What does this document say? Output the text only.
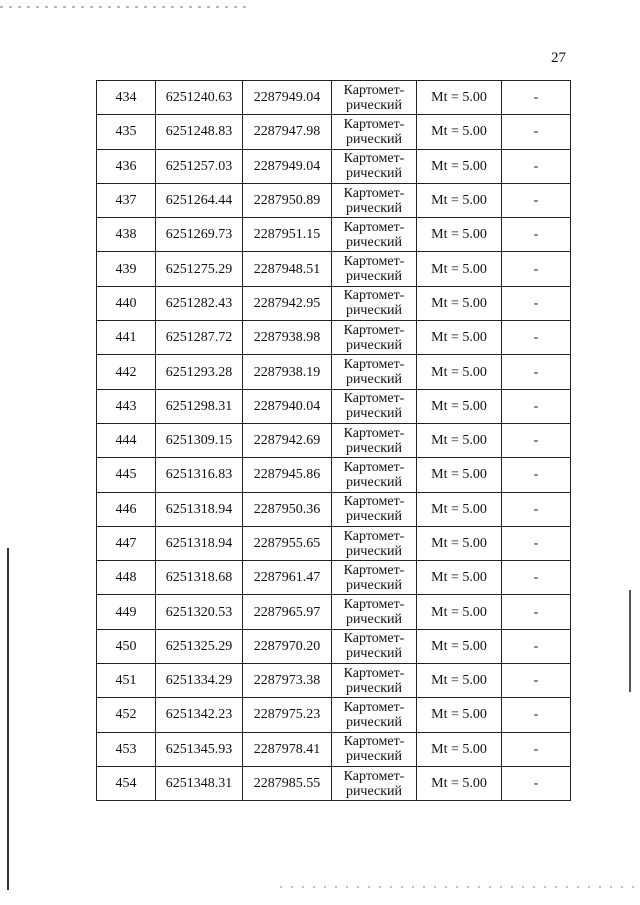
27
434	6251240.63	2287949.04	Картомет-
рический	Mt = 5.00	-
435	6251248.83	2287947.98	Картомет-
рический	Mt = 5.00	-
436	6251257.03	2287949.04	Картомет-
рический	Mt = 5.00	-
437	6251264.44	2287950.89	Картомет-
рический	Mt = 5.00	-
438	6251269.73	2287951.15	Картомет-
рический	Mt = 5.00	-
439	6251275.29	2287948.51	Картомет-
рический	Mt = 5.00	-
440	6251282.43	2287942.95	Картомет-
рический	Mt = 5.00	-
441	6251287.72	2287938.98	Картомет-
рический	Mt = 5.00	-
442	6251293.28	2287938.19	Картомет-
рический	Mt = 5.00	-
443	6251298.31	2287940.04	Картомет-
рический	Mt = 5.00	-
444	6251309.15	2287942.69	Картомет-
рический	Mt = 5.00	-
445	6251316.83	2287945.86	Картомет-
рический	Mt = 5.00	-
446	6251318.94	2287950.36	Картомет-
рический	Mt = 5.00	-
447	6251318.94	2287955.65	Картомет-
рический	Mt = 5.00	-
448	6251318.68	2287961.47	Картомет-
рический	Mt = 5.00	-
449	6251320.53	2287965.97	Картомет-
рический	Mt = 5.00	-
450	6251325.29	2287970.20	Картомет-
рический	Mt = 5.00	-
451	6251334.29	2287973.38	Картомет-
рический	Mt = 5.00	-
452	6251342.23	2287975.23	Картомет-
рический	Mt = 5.00	-
453	6251345.93	2287978.41	Картомет-
рический	Mt = 5.00	-
454	6251348.31	2287985.55	Картомет-
рический	Mt = 5.00	-
